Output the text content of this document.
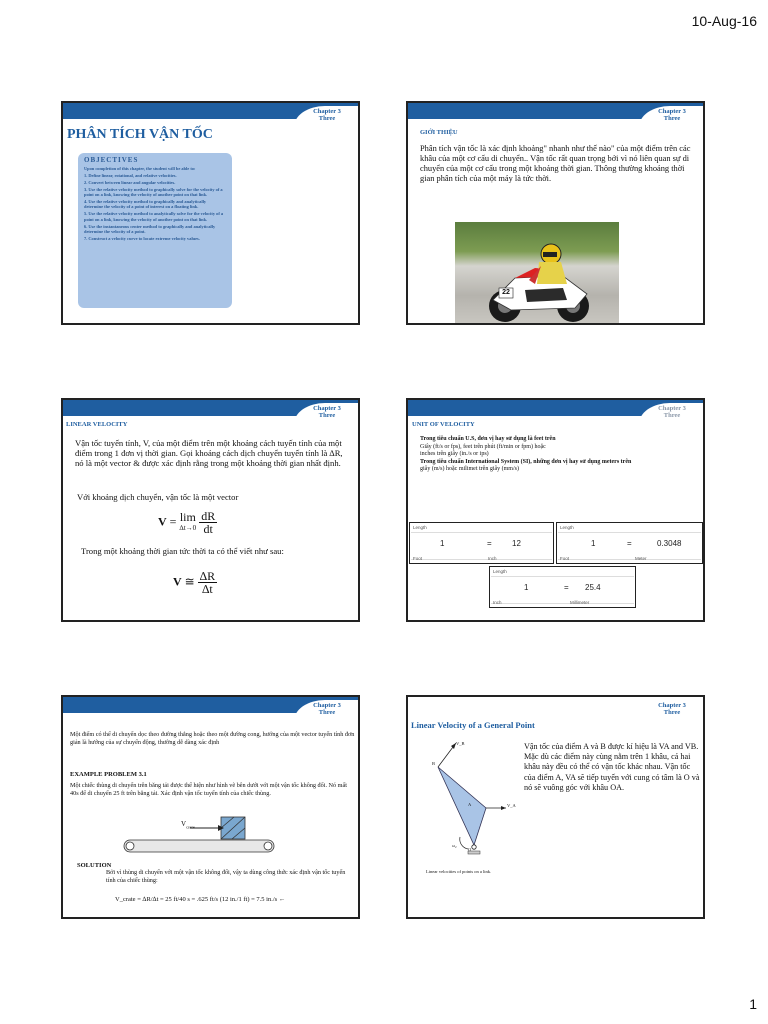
10-Aug-16
Chapter 3
Three
PHÂN TÍCH VẬN TỐC
OBJECTIVES

Upon completion of this chapter, the student will be able to:

1. Define linear, rotational, and relative velocities.

2. Convert between linear and angular velocities.

3. Use the relative velocity method to graphically solve for the velocity of a point on a link, knowing the velocity of another point on that link.

4. Use the relative velocity method to graphically and analytically determine the velocity of a point of interest on a floating link.

5. Use the relative velocity method to analytically solve for the velocity of a point on a link, knowing the velocity of another point on that link.

6. Use the instantaneous center method to graphically and analytically determine the velocity of a point.

7. Construct a velocity curve to locate extreme velocity values.

Chapter 3
Three
GIỚI THIỆU
Phân tích vận tốc là xác định khoảng" nhanh như thế nào" của một điểm trên các khâu của một cơ cấu di chuyển.. Vận tốc rất quan trọng bởi vì nó liên quan sự di chuyển của một cơ cấu trong một khoảng thời gian. Thông thường khoảng thời gian phân tích của một máy là tức thời.
22
Chapter 3
Three
LINEAR VELOCITY
Vận tốc tuyến tính, V, của một điểm trên một khoảng cách tuyến tính của một điểm trong 1 đơn vị thời gian. Gọi khoảng cách dịch chuyển tuyến tính là ∆R, nó là một vector & được xác định rằng trong một khoảng thời gian nhất định.
Với khoảng dịch chuyển, vận tốc là một vector
V = lim
∆t→0
$\frac{dR}{dt}$
Trong một khoảng thời gian tức thời ta có thể viết như sau:
V ≅ $\frac{\Delta R}{\Delta t}$
Chapter 3
Three
UNIT OF VELOCITY
Trong tiêu chuẩn U.S, đơn vị hay sử dụng là feet trên
Giây (ft/s or fps), feet trên phút (ft/min or fpm) hoặc
inches trên giây (in./s or ips)
Trong tiêu chuẩn International System (SI), những đơn vị hay sử dụng meters trên
giây (m/s) hoặc milimet trên giây (mm/s)
Length
1	=	12
Foot	Inch
Length
1	=	0.3048
Foot	Meter
Length
1	= 25.4
Inch	Millimeter
Chapter 3
Three
Một điểm có thể di chuyển dọc theo đường thẳng hoặc theo một đường cong, hướng của một vector tuyến tính đơn giản là hướng của sự chuyển động, thường dễ dàng xác định
EXAMPLE PROBLEM 3.1
Một chiếc thùng di chuyển trên băng tải được thể hiện như hình vẽ bên dưới với một vận tốc không đổi. Nó mất 40s để di chuyển 25 ft trên băng tải. Xác định vận tốc tuyến tính của chiếc thùng.
$V_{crate}$
SOLUTION
Bởi vì thùng di chuyển với một vận tốc không đổi, vậy ta dùng công thức xác định vận tốc tuyến tính của chiếc thùng:
V_crate = ∆R/∆t = 25 ft/40 s = .625 ft/s (12 in./1 ft) = 7.5 in./s ←
Chapter 3
Three
Linear Velocity of a General Point
V_B
B
A	V_A
ω₂
O
Linear velocities of points on a link.
Vận tốc của điểm A và B được kí hiệu là VA and VB. Mặc dù các điểm này cùng nằm trên 1 khâu, cả hai khâu này đều có thể có vận tốc khác nhau. Vận tốc của điểm A, VA sẽ tiếp tuyến với cung có tâm là O và nó sẽ vuông góc với khâu OA.
1
